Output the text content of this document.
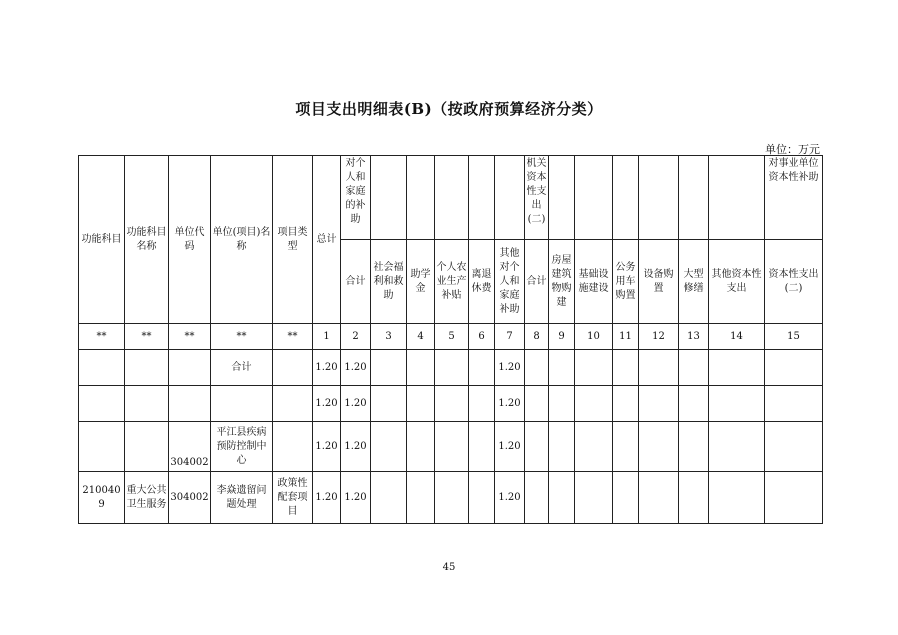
项目支出明细表(B)（按政府预算经济分类）
单位：万元
功能科目	功能科目名称	单位代码	单位(项目)名称	项目类型	总计	对个人和家庭的补助						机关资本性支出(二)							对事业单位资本性补助
						合计	社会福利和救助	助学金	个人农业生产补贴	离退休费	其他对个人和家庭补助	合计	房屋建筑物购建	基础设施建设	公务用车购置	设备购置	大型修缮	其他资本性支出	资本性支出(二)
**	**	**	**	**	1	2	3	4	5	6	7	8	9	10	11	12	13	14	15
			合计		1.20	1.20					1.20								
					1.20	1.20					1.20								
		304002	平江县疾病预防控制中心		1.20	1.20					1.20								
2100409	重大公共卫生服务	304002	李焱遗留问题处理	政策性配套项目	1.20	1.20					1.20								
45
